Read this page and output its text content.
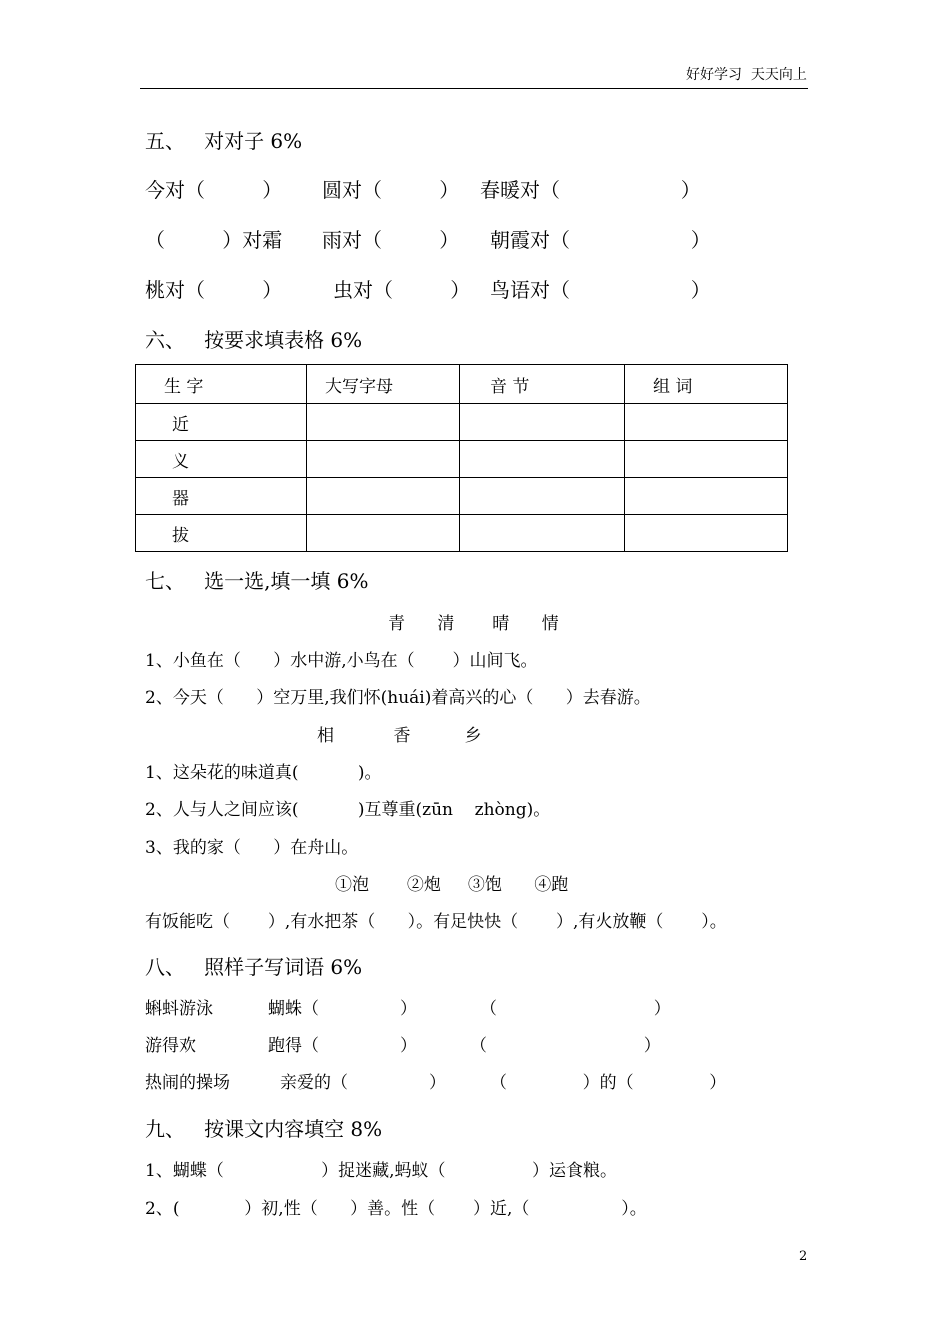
好好学习  天天向上
五、   对对子 6%
今对（         ） 圆对（         ） 春暖对（                   ）
（         ）对霜 雨对（         ） 朝霞对（                   ）
桃对（         ）	虫对（         ） 鸟语对（                   ）
六、   按要求填表格 6%
生 字	大写字母	音 节	组 词
近			
义			
器			
拔			
七、   选一选,填一填 6%
青      清       晴      情
1、小鱼在（      ）水中游,小鸟在（       ）山间飞。
2、今天（      ）空万里,我们怀(huái)着高兴的心（      ）去春游。
相           香          乡
1、这朵花的味道真(           )。
2、人与人之间应该(           )互尊重(zūn    zhòng)。
3、我的家（      ）在舟山。
①泡       ②炮     ③饱      ④跑
有饭能吃（       ）,有水把茶（      ）。有足快快（       ）,有火放鞭（       ）。
八、   照样子写词语 6%
蝌蚪游泳	蝴蛛（               ）	（                             ）
游得欢	跑得（               ）	（                             ）
热闹的操场	亲爱的（               ）	（              ）的（              ）
九、   按课文内容填空 8%
1、蝴蝶（                  ）捉迷藏,蚂蚁（                ）运食粮。
2、(            ）初,性（      ）善。性（       ）近,（                 ）。
2
